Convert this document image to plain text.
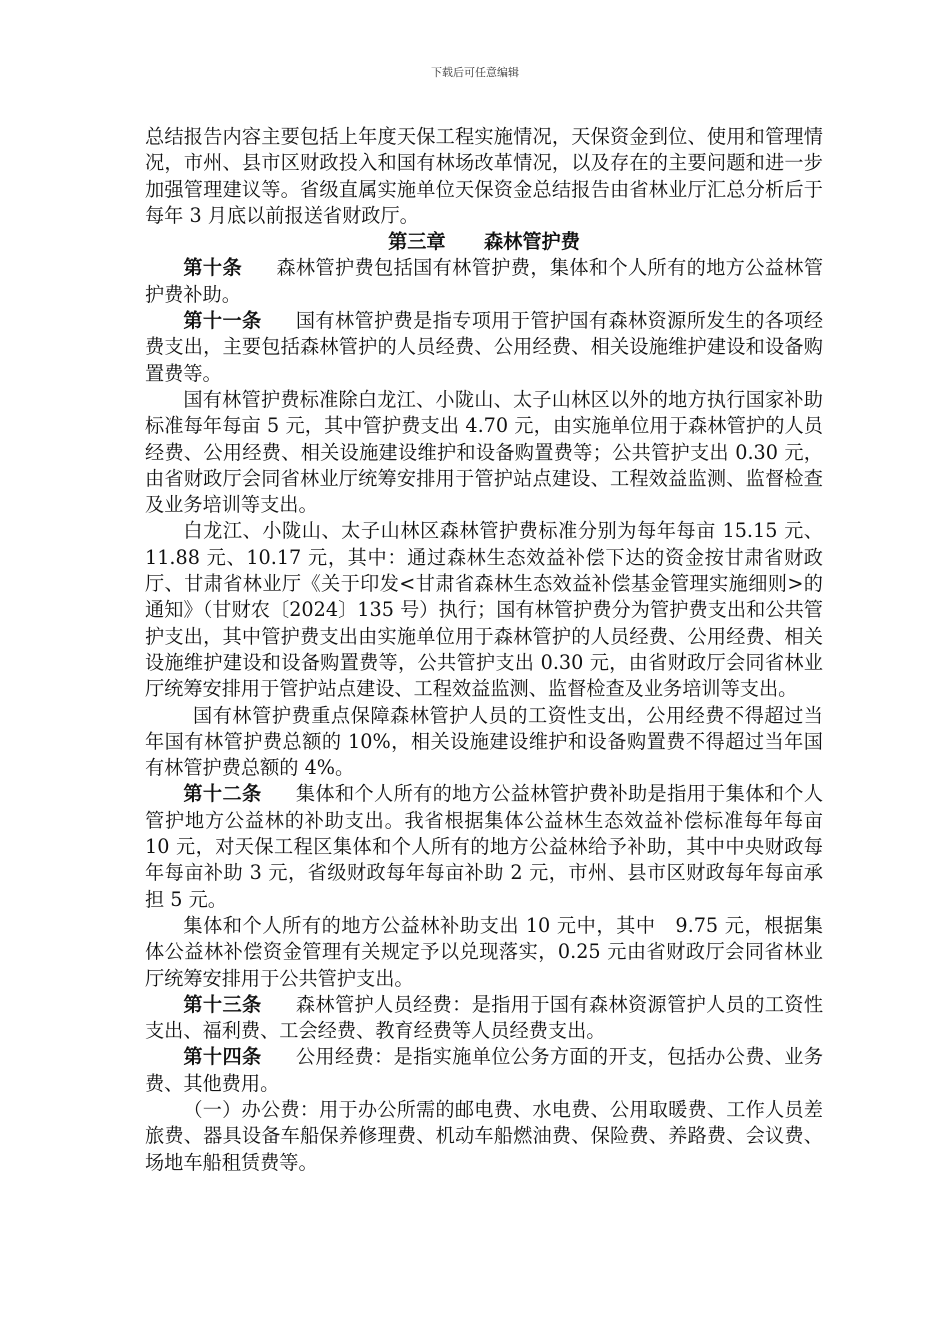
下载后可任意编辑

总结报告内容主要包括上年度天保工程实施情况，天保资金到位、使用和管理情况，市州、县市区财政投入和国有林场改革情况，以及存在的主要问题和进一步加强管理建议等。省级直属实施单位天保资金总结报告由省林业厅汇总分析后于每年 3 月底以前报送省财政厅。

第三章　　森林管护费

第十条 森林管护费包括国有林管护费，集体和个人所有的地方公益林管护费补助。

第十一条 国有林管护费是指专项用于管护国有森林资源所发生的各项经费支出，主要包括森林管护的人员经费、公用经费、相关设施维护建设和设备购置费等。

国有林管护费标准除白龙江、小陇山、太子山林区以外的地方执行国家补助标准每年每亩 5 元，其中管护费支出 4.70 元，由实施单位用于森林管护的人员经费、公用经费、相关设施建设维护和设备购置费等；公共管护支出 0.30 元，由省财政厅会同省林业厅统筹安排用于管护站点建设、工程效益监测、监督检查及业务培训等支出。

白龙江、小陇山、太子山林区森林管护费标准分别为每年每亩 15.15 元、11.88 元、10.17 元，其中：通过森林生态效益补偿下达的资金按甘肃省财政厅、甘肃省林业厅《关于印发<甘肃省森林生态效益补偿基金管理实施细则>的通知》（甘财农〔2024〕135 号）执行；国有林管护费分为管护费支出和公共管护支出，其中管护费支出由实施单位用于森林管护的人员经费、公用经费、相关设施维护建设和设备购置费等，公共管护支出 0.30 元，由省财政厅会同省林业厅统筹安排用于管护站点建设、工程效益监测、监督检查及业务培训等支出。

国有林管护费重点保障森林管护人员的工资性支出，公用经费不得超过当年国有林管护费总额的 10%，相关设施建设维护和设备购置费不得超过当年国有林管护费总额的 4%。

第十二条 集体和个人所有的地方公益林管护费补助是指用于集体和个人管护地方公益林的补助支出。我省根据集体公益林生态效益补偿标准每年每亩 10 元，对天保工程区集体和个人所有的地方公益林给予补助，其中中央财政每年每亩补助 3 元，省级财政每年每亩补助 2 元，市州、县市区财政每年每亩承担 5 元。

集体和个人所有的地方公益林补助支出 10 元中，其中　9.75 元，根据集体公益林补偿资金管理有关规定予以兑现落实，0.25 元由省财政厅会同省林业厅统筹安排用于公共管护支出。

第十三条 森林管护人员经费：是指用于国有森林资源管护人员的工资性支出、福利费、工会经费、教育经费等人员经费支出。

第十四条 公用经费：是指实施单位公务方面的开支，包括办公费、业务费、其他费用。

（一）办公费：用于办公所需的邮电费、水电费、公用取暖费、工作人员差旅费、器具设备车船保养修理费、机动车船燃油费、保险费、养路费、会议费、场地车船租赁费等。
